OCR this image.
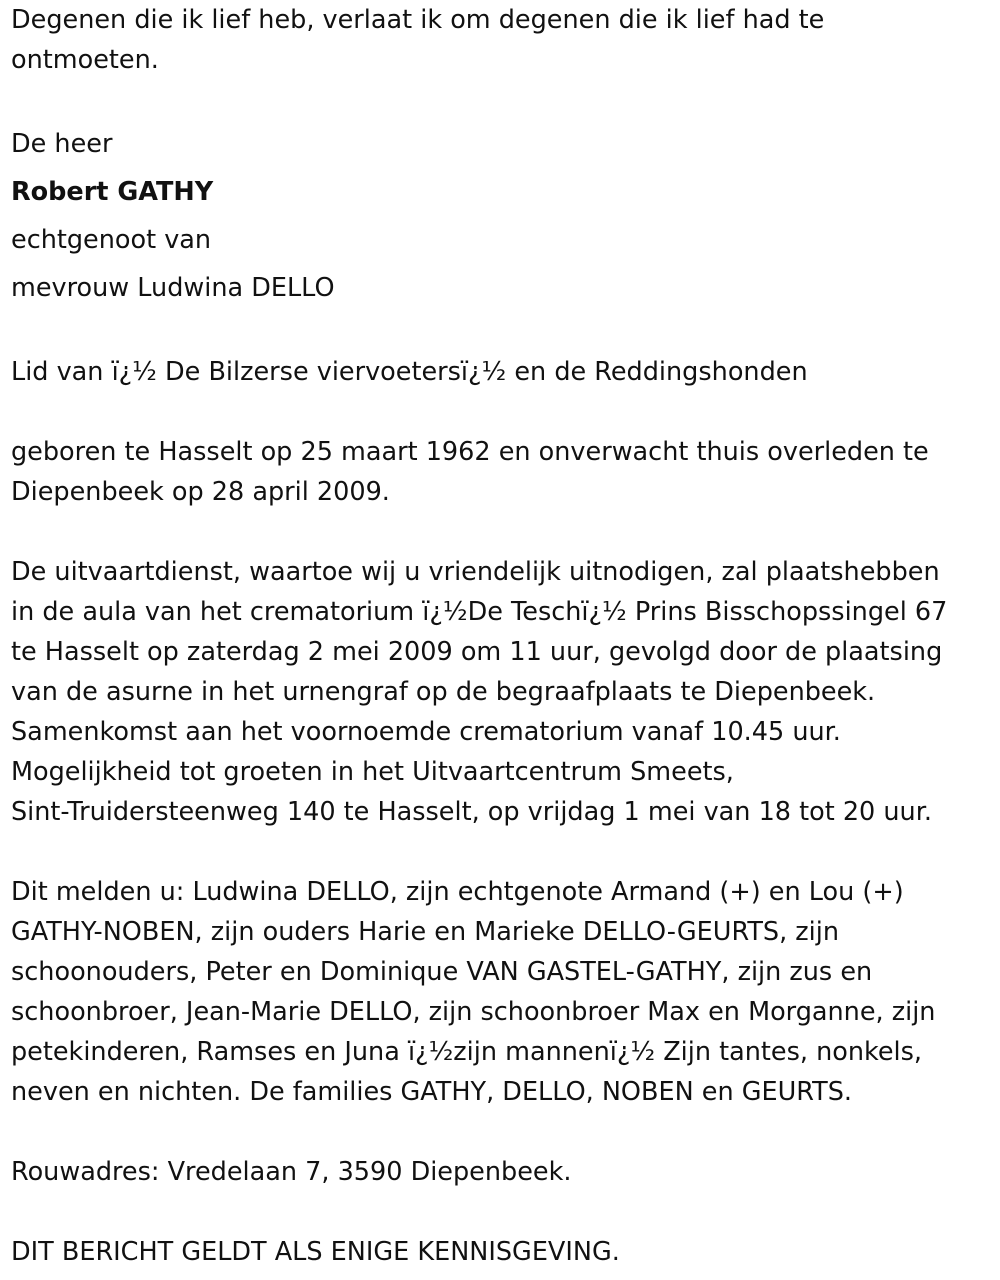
Degenen die ik lief heb, verlaat ik om degenen die ik lief had te
ontmoeten.
De heer
Robert GATHY
echtgenoot van
mevrouw Ludwina DELLO
Lid van ï¿½ De Bilzerse viervoetersï¿½ en de Reddingshonden
geboren te Hasselt op 25 maart 1962 en onverwacht thuis overleden te
Diepenbeek op 28 april 2009.
De uitvaartdienst, waartoe wij u vriendelijk uitnodigen, zal plaatshebben
in de aula van het crematorium ï¿½De Teschï¿½ Prins Bisschopssingel 67
te Hasselt op zaterdag 2 mei 2009 om 11 uur, gevolgd door de plaatsing
van de asurne in het urnengraf op de begraafplaats te Diepenbeek.
Samenkomst aan het voornoemde crematorium vanaf 10.45 uur.
Mogelijkheid tot groeten in het Uitvaartcentrum Smeets,
Sint-Truidersteenweg 140 te Hasselt, op vrijdag 1 mei van 18 tot 20 uur.
Dit melden u: Ludwina DELLO, zijn echtgenote Armand (+) en Lou (+)
GATHY-NOBEN, zijn ouders Harie en Marieke DELLO-GEURTS, zijn
schoonouders, Peter en Dominique VAN GASTEL-GATHY, zijn zus en
schoonbroer, Jean-Marie DELLO, zijn schoonbroer Max en Morganne, zijn
petekinderen, Ramses en Juna ï¿½zijn mannenï¿½ Zijn tantes, nonkels,
neven en nichten. De families GATHY, DELLO, NOBEN en GEURTS.
Rouwadres: Vredelaan 7, 3590 Diepenbeek.
DIT BERICHT GELDT ALS ENIGE KENNISGEVING.
